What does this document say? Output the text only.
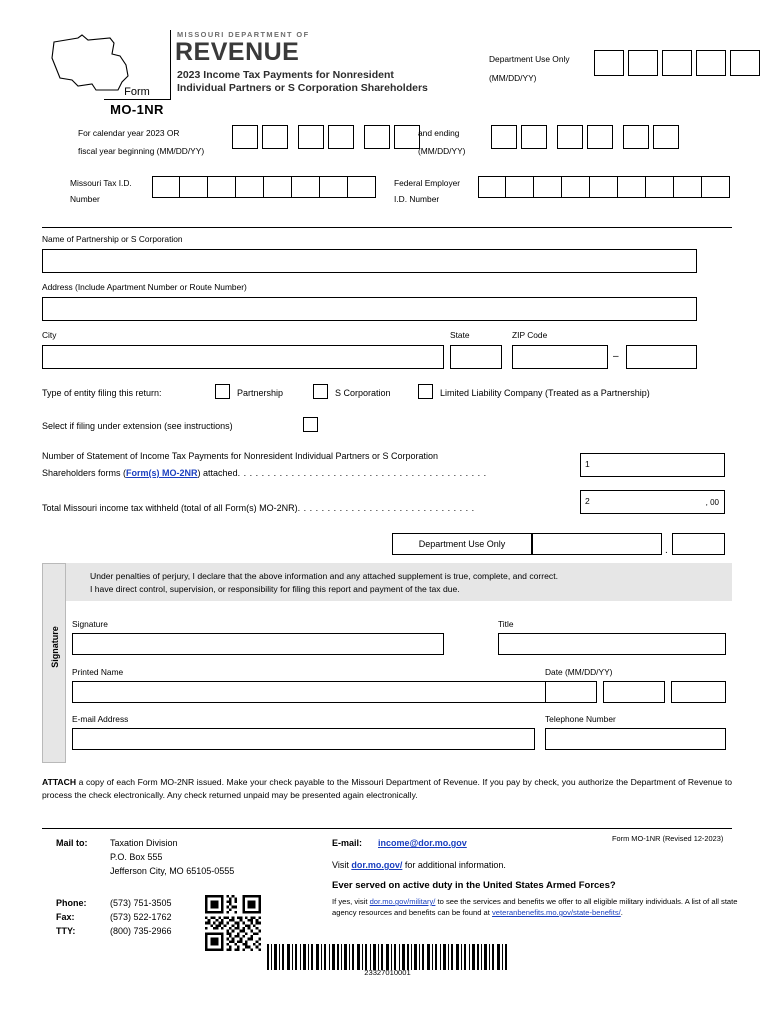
Form
MO-1NR
MISSOURI DEPARTMENT OF
REVENUE
2023 Income Tax Payments for Nonresident
Individual Partners or S Corporation Shareholders
Department Use Only
(MM/DD/YY)
For calendar year 2023 OR
fiscal year beginning (MM/DD/YY)
and ending
(MM/DD/YY)
Missouri Tax I.D.
Number
Federal Employer
I.D. Number
Name of Partnership or S Corporation
Address (Include Apartment Number or Route Number)
City	State	ZIP Code
–
Type of entity filing this return:	Partnership	S Corporation	Limited Liability Company (Treated as a Partnership)
Select if filing under extension (see instructions)
Number of Statement of Income Tax Payments for Nonresident Individual Partners or S Corporation
Shareholders forms (Form(s) MO-2NR) attached. . . . . . . . . . . . . . . . . . . . . . . . . . . . . . . . . . . . . . . . . .
1
Total Missouri income tax withheld (total of all Form(s) MO-2NR). . . . . . . . . . . . . . . . . . . . . . . . . . . . . .
2	, 00
Department Use Only
.
Signature

Under penalties of perjury, I declare that the above information and any attached supplement is true, complete, and correct.
I have direct control, supervision, or responsibility for filing this report and payment of the tax due.

Signature	Title
Printed Name	Date (MM/DD/YY)
E-mail Address	Telephone Number
ATTACH a copy of each Form MO-2NR issued. Make your check payable to the Missouri Department of Revenue. If you pay by check, you authorize the Department of Revenue to process the check electronically. Any check returned unpaid may be presented again electronically.
Mail to:	Taxation Division
P.O. Box 555
Jefferson City, MO 65105-0555
Phone:	(573) 751-3505
Fax:	(573) 522-1762
TTY:	(800) 735-2966
E-mail: income@dor.mo.gov
Visit dor.mo.gov/ for additional information.
Ever served on active duty in the United States Armed Forces?
If yes, visit dor.mo.gov/military/ to see the services and benefits we offer to all eligible military individuals. A list of all state agency resources and benefits can be found at veteranbenefits.mo.gov/state-benefits/.
Form MO-1NR (Revised 12-2023)
23327010001
